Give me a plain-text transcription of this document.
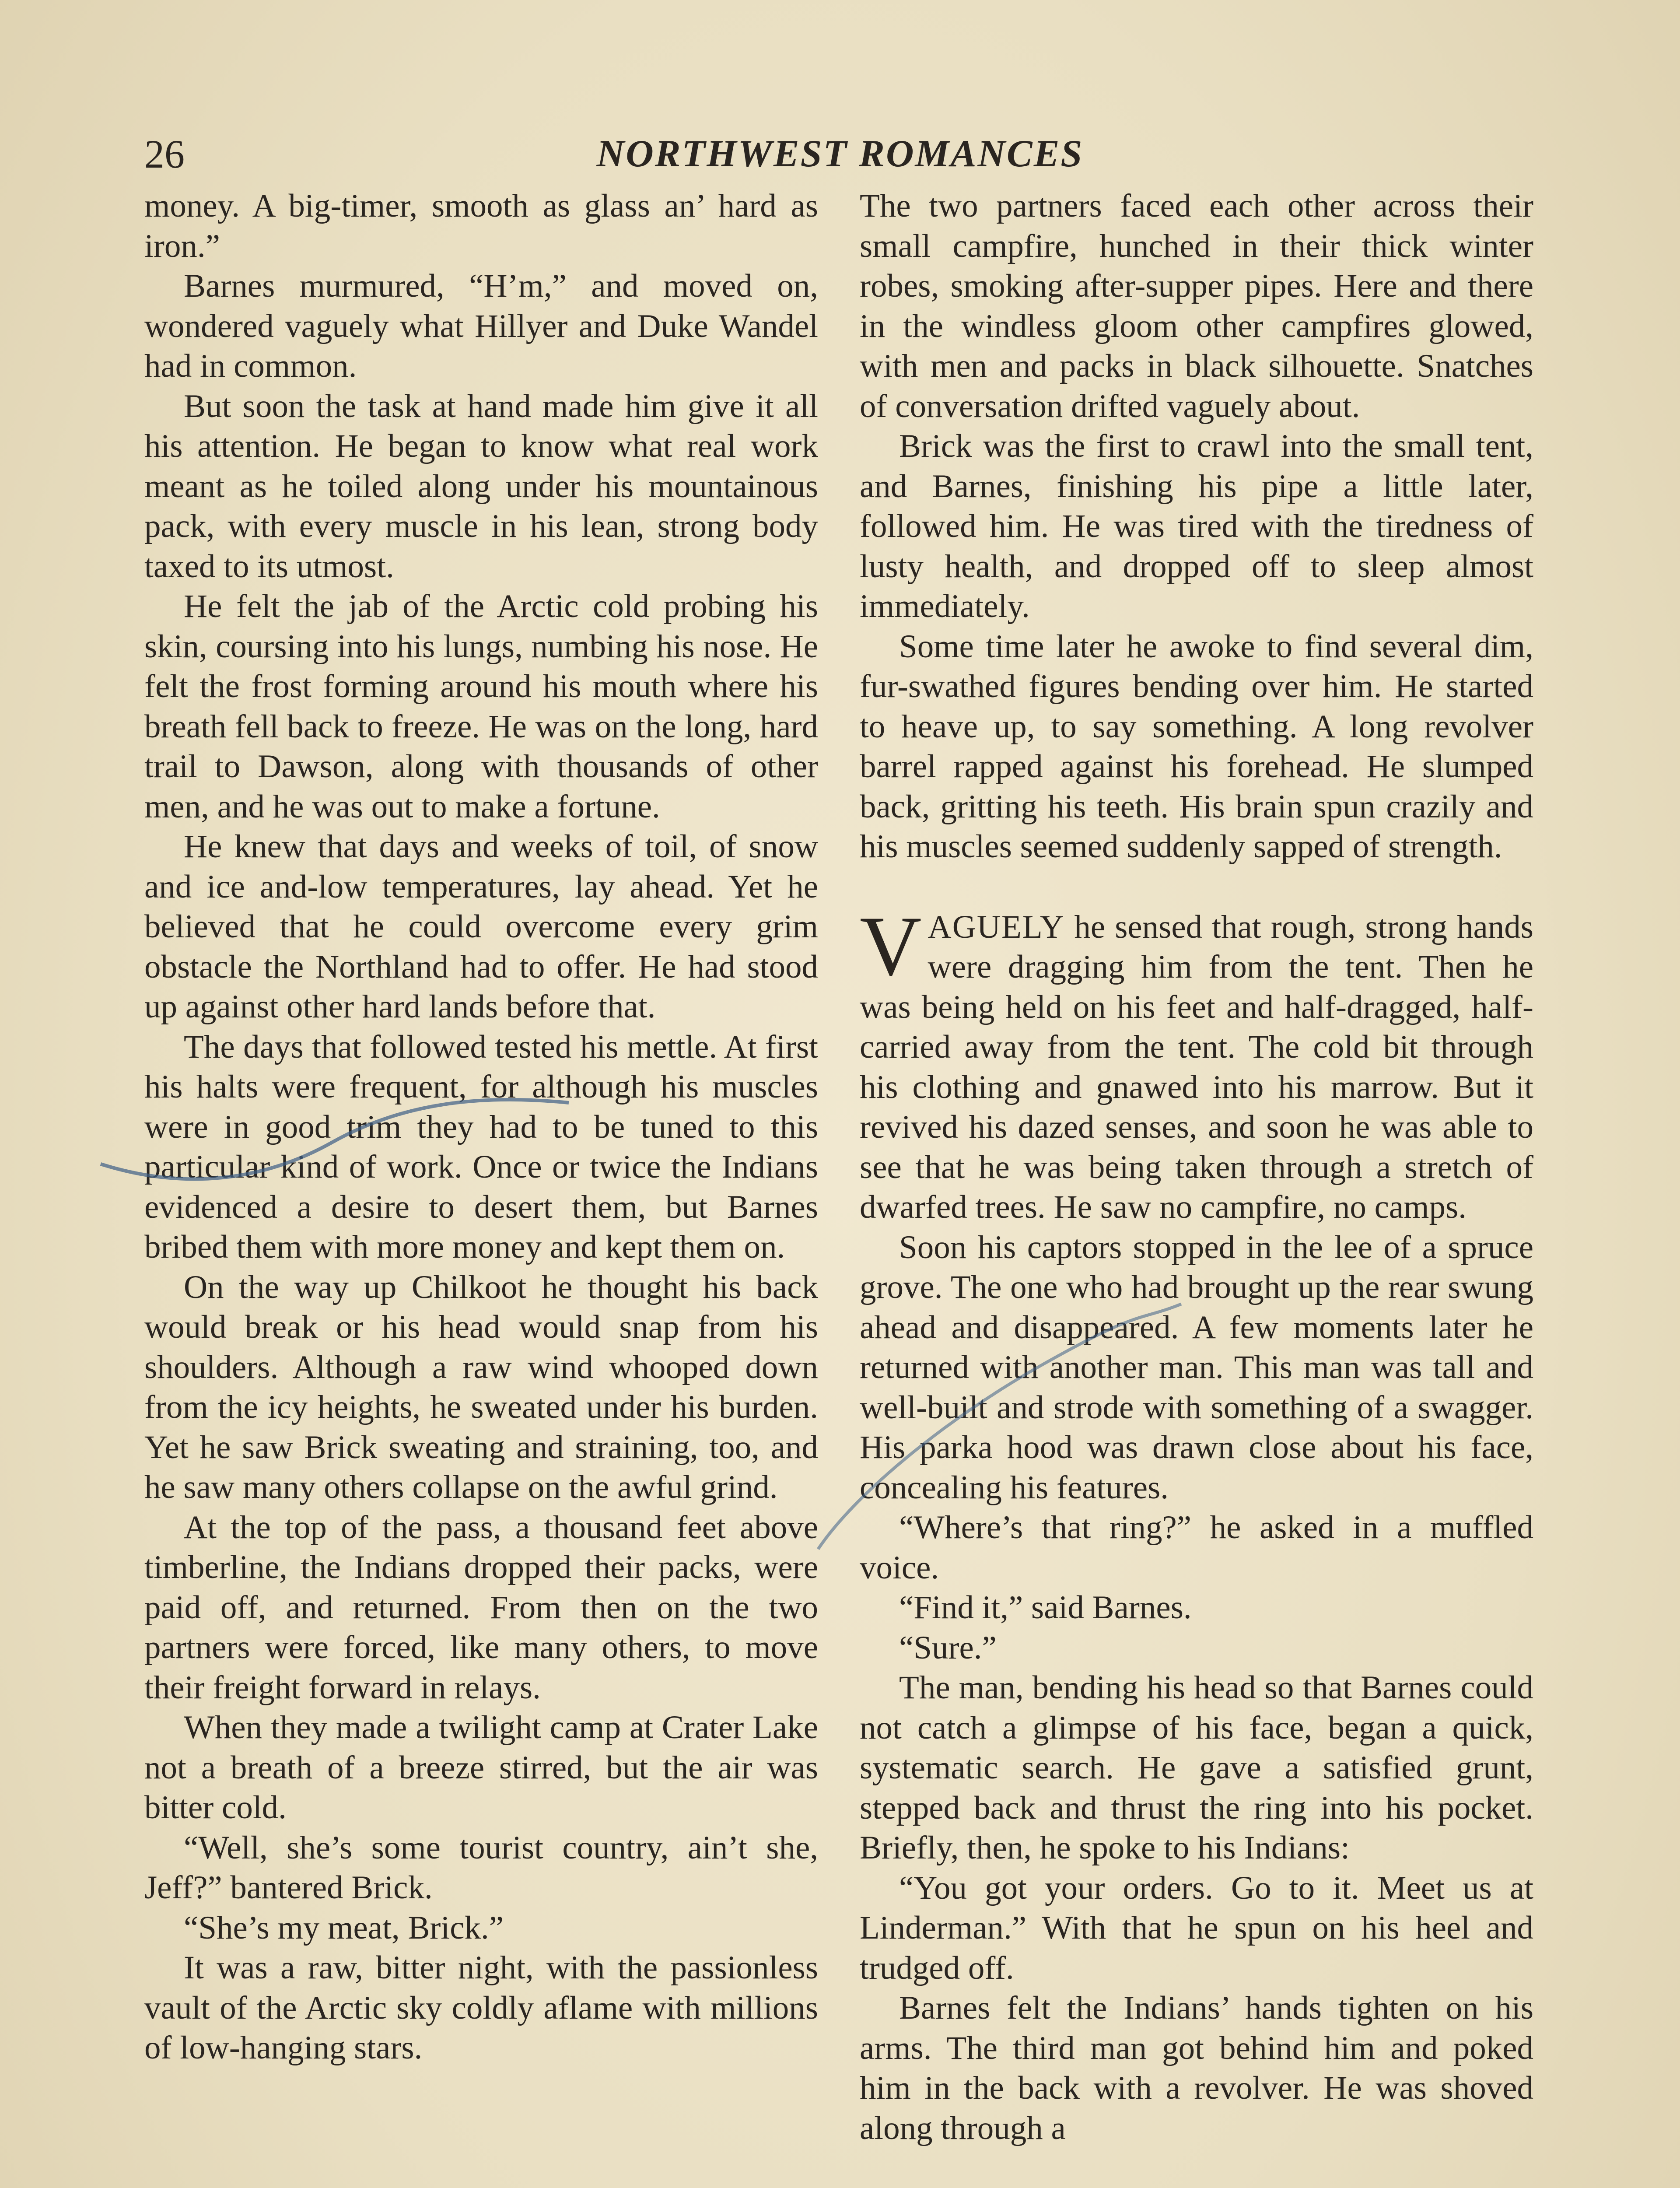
26	NORTHWEST ROMANCES

money. A big-timer, smooth as glass an’ hard as iron.”

Barnes murmured, “H’m,” and moved on, wondered vaguely what Hillyer and Duke Wandel had in common.

But soon the task at hand made him give it all his attention. He began to know what real work meant as he toiled along under his mountainous pack, with every muscle in his lean, strong body taxed to its utmost.

He felt the jab of the Arctic cold probing his skin, coursing into his lungs, numbing his nose. He felt the frost forming around his mouth where his breath fell back to freeze. He was on the long, hard trail to Dawson, along with thousands of other men, and he was out to make a fortune.

He knew that days and weeks of toil, of snow and ice and-low temperatures, lay ahead. Yet he believed that he could overcome every grim obstacle the Northland had to offer. He had stood up against other hard lands before that.

The days that followed tested his mettle. At first his halts were frequent, for although his muscles were in good trim they had to be tuned to this particular kind of work. Once or twice the Indians evidenced a desire to desert them, but Barnes bribed them with more money and kept them on.

On the way up Chilkoot he thought his back would break or his head would snap from his shoulders. Although a raw wind whooped down from the icy heights, he sweated under his burden. Yet he saw Brick sweating and straining, too, and he saw many others collapse on the awful grind.

At the top of the pass, a thousand feet above timberline, the Indians dropped their packs, were paid off, and returned. From then on the two partners were forced, like many others, to move their freight forward in relays.

When they made a twilight camp at Crater Lake not a breath of a breeze stirred, but the air was bitter cold.

“Well, she’s some tourist country, ain’t she, Jeff?” bantered Brick.

“She’s my meat, Brick.”

It was a raw, bitter night, with the passionless vault of the Arctic sky coldly aflame with millions of low-hanging stars.

The two partners faced each other across their small campfire, hunched in their thick winter robes, smoking after-supper pipes. Here and there in the windless gloom other campfires glowed, with men and packs in black silhouette. Snatches of conversation drifted vaguely about.

Brick was the first to crawl into the small tent, and Barnes, finishing his pipe a little later, followed him. He was tired with the tiredness of lusty health, and dropped off to sleep almost immediately.

Some time later he awoke to find several dim, fur-swathed figures bending over him. He started to heave up, to say something. A long revolver barrel rapped against his forehead. He slumped back, gritting his teeth. His brain spun crazily and his muscles seemed suddenly sapped of strength.

VAGUELY he sensed that rough, strong hands were dragging him from the tent. Then he was being held on his feet and half-dragged, half-carried away from the tent. The cold bit through his clothing and gnawed into his marrow. But it revived his dazed senses, and soon he was able to see that he was being taken through a stretch of dwarfed trees. He saw no campfire, no camps.

Soon his captors stopped in the lee of a spruce grove. The one who had brought up the rear swung ahead and disappeared. A few moments later he returned with another man. This man was tall and well-built and strode with something of a swagger. His parka hood was drawn close about his face, concealing his features.

“Where’s that ring?” he asked in a muffled voice.

“Find it,” said Barnes.

“Sure.”

The man, bending his head so that Barnes could not catch a glimpse of his face, began a quick, systematic search. He gave a satisfied grunt, stepped back and thrust the ring into his pocket. Briefly, then, he spoke to his Indians:

“You got your orders. Go to it. Meet us at Linderman.” With that he spun on his heel and trudged off.

Barnes felt the Indians’ hands tighten on his arms. The third man got behind him and poked him in the back with a revolver. He was shoved along through a
